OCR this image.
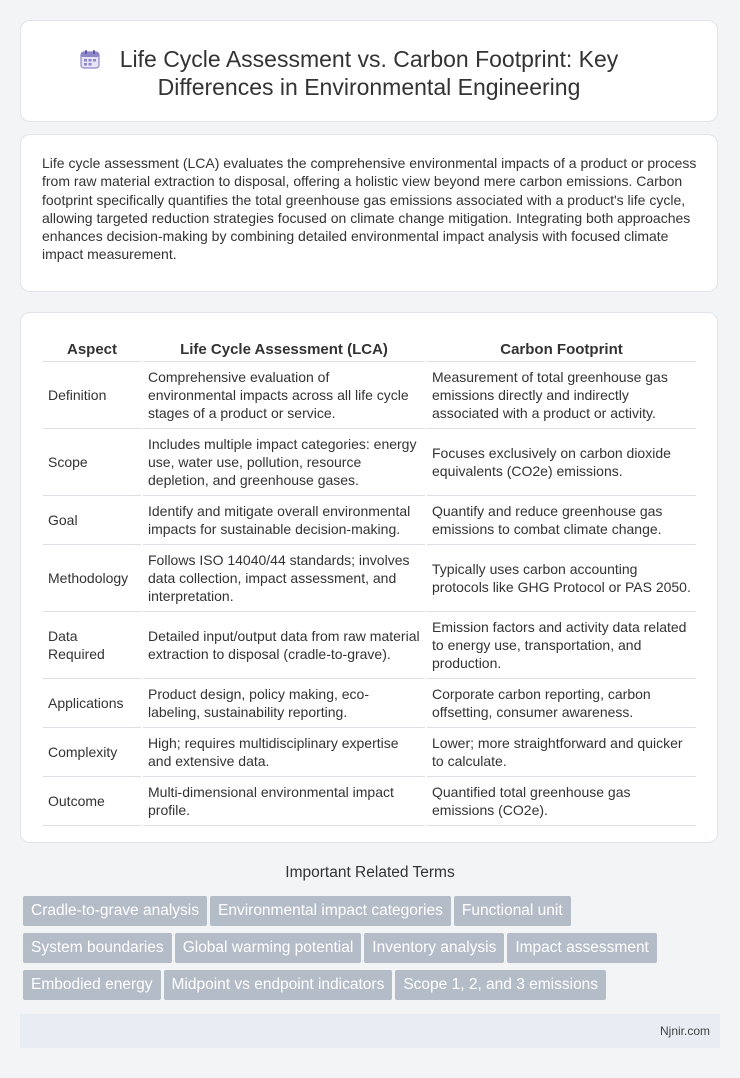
Life Cycle Assessment vs. Carbon Footprint: Key Differences in Environmental Engineering
Life cycle assessment (LCA) evaluates the comprehensive environmental impacts of a product or process from raw material extraction to disposal, offering a holistic view beyond mere carbon emissions. Carbon footprint specifically quantifies the total greenhouse gas emissions associated with a product's life cycle, allowing targeted reduction strategies focused on climate change mitigation. Integrating both approaches enhances decision-making by combining detailed environmental impact analysis with focused climate impact measurement.
Aspect	Life Cycle Assessment (LCA)	Carbon Footprint
Definition	Comprehensive evaluation of environmental impacts across all life cycle stages of a product or service.	Measurement of total greenhouse gas emissions directly and indirectly associated with a product or activity.
Scope	Includes multiple impact categories: energy use, water use, pollution, resource depletion, and greenhouse gases.	Focuses exclusively on carbon dioxide equivalents (CO2e) emissions.
Goal	Identify and mitigate overall environmental impacts for sustainable decision-making.	Quantify and reduce greenhouse gas emissions to combat climate change.
Methodology	Follows ISO 14040/44 standards; involves data collection, impact assessment, and interpretation.	Typically uses carbon accounting protocols like GHG Protocol or PAS 2050.
Data Required	Detailed input/output data from raw material extraction to disposal (cradle-to-grave).	Emission factors and activity data related to energy use, transportation, and production.
Applications	Product design, policy making, eco-labeling, sustainability reporting.	Corporate carbon reporting, carbon offsetting, consumer awareness.
Complexity	High; requires multidisciplinary expertise and extensive data.	Lower; more straightforward and quicker to calculate.
Outcome	Multi-dimensional environmental impact profile.	Quantified total greenhouse gas emissions (CO2e).
Important Related Terms
Cradle-to-grave analysis Environmental impact categories Functional unit
System boundaries Global warming potential Inventory analysis Impact assessment
Embodied energy Midpoint vs endpoint indicators Scope 1, 2, and 3 emissions
Njnir.com
